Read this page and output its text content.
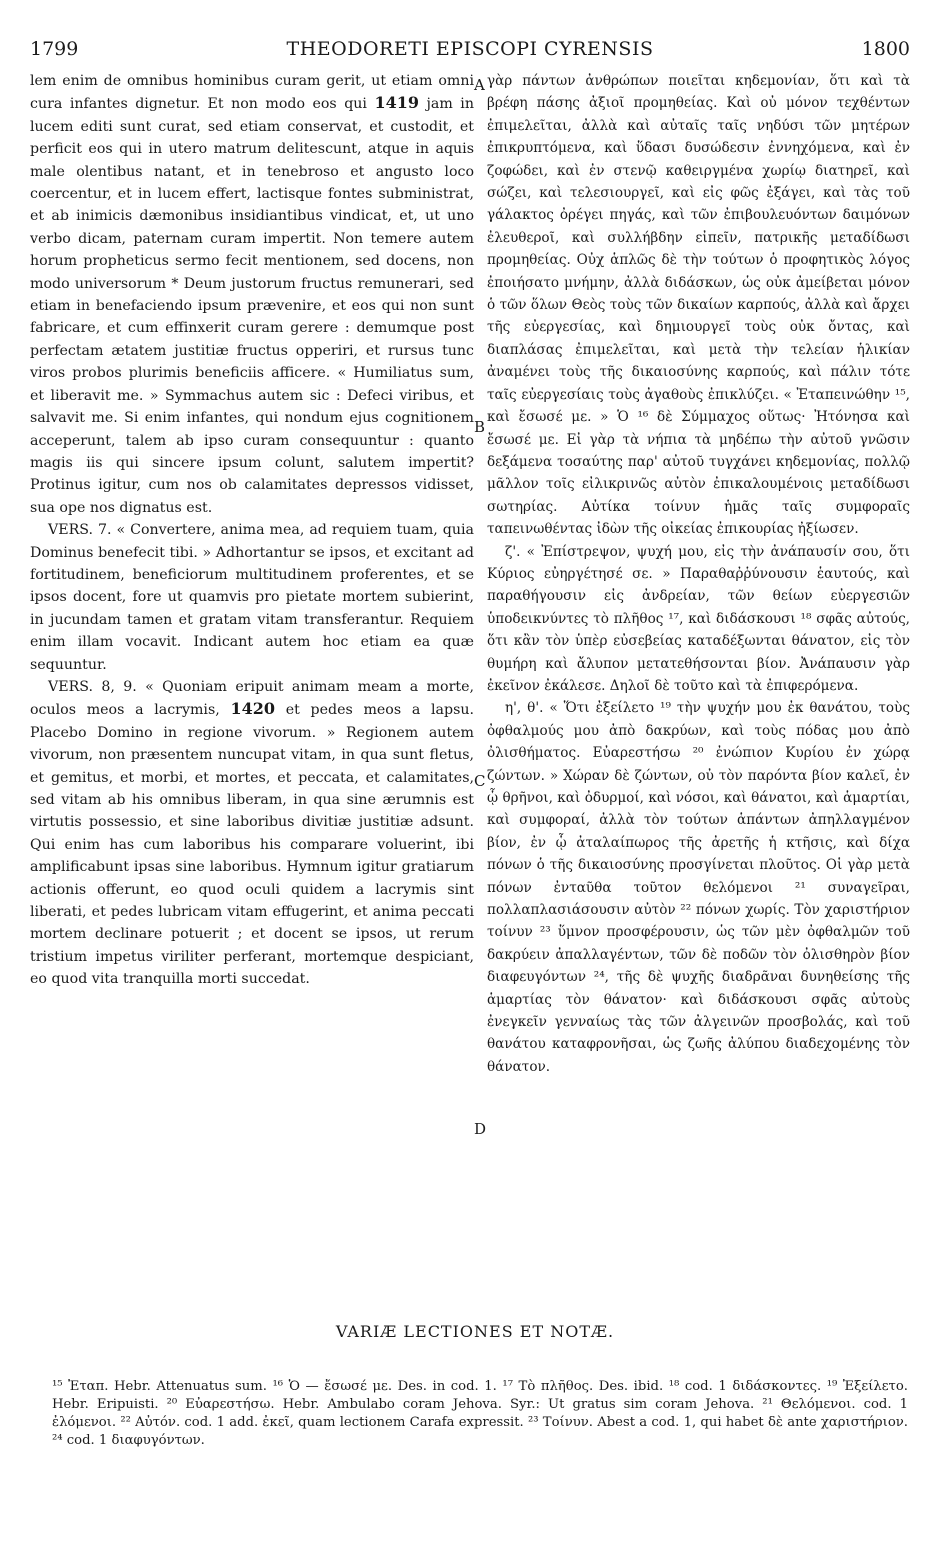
1799	THEODORETI EPISCOPI CYRENSIS	1800

lem enim de omnibus hominibus curam gerit, ut etiam omni cura infantes dignetur. Et non modo eos qui 1419 jam in lucem editi sunt curat, sed etiam conservat, et custodit, et perficit eos qui in utero matrum delitescunt, atque in aquis male olentibus natant, et in tenebroso et angusto loco coercentur, et in lucem effert, lactisque fontes subministrat, et ab inimicis dæmonibus insidiantibus vindicat, et, ut uno verbo dicam, paternam curam impertit. Non temere autem horum propheticus sermo fecit mentionem, sed docens, non modo universorum * Deum justorum fructus remunerari, sed etiam in benefaciendo ipsum prævenire, et eos qui non sunt fabricare, et cum effinxerit curam gerere : demumque post perfectam ætatem justitiæ fructus opperiri, et rursus tunc viros probos plurimis beneficiis afficere. « Humiliatus sum, et liberavit me. » Symmachus autem sic : Defeci viribus, et salvavit me. Si enim infantes, qui nondum ejus cognitionem acceperunt, talem ab ipso curam consequuntur : quanto magis iis qui sincere ipsum colunt, salutem impertit? Protinus igitur, cum nos ob calamitates depressos vidisset, sua ope nos dignatus est.

VERS. 7. « Convertere, anima mea, ad requiem tuam, quia Dominus benefecit tibi. » Adhortantur se ipsos, et excitant ad fortitudinem, beneficiorum multitudinem proferentes, et se ipsos docent, fore ut quamvis pro pietate mortem subierint, in jucundam tamen et gratam vitam transferantur. Requiem enim illam vocavit. Indicant autem hoc etiam ea quæ sequuntur.

VERS. 8, 9. « Quoniam eripuit animam meam a morte, oculos meos a lacrymis, 1420 et pedes meos a lapsu. Placebo Domino in regione vivorum. » Regionem autem vivorum, non præsentem nuncupat vitam, in qua sunt fletus, et gemitus, et morbi, et mortes, et peccata, et calamitates, sed vitam ab his omnibus liberam, in qua sine ærumnis est virtutis possessio, et sine laboribus divitiæ justitiæ adsunt. Qui enim has cum laboribus his comparare voluerint, ibi amplificabunt ipsas sine laboribus. Hymnum igitur gratiarum actionis offerunt, eo quod oculi quidem a lacrymis sint liberati, et pedes lubricam vitam effugerint, et anima peccati mortem declinare potuerit ; et docent se ipsos, ut rerum tristium impetus viriliter perferant, mortemque despiciant, eo quod vita tranquilla morti succedat.

A
B
C
D

γὰρ πάντων ἀνθρώπων ποιεῖται κηδεμονίαν, ὅτι καὶ τὰ βρέφη πάσης ἀξιοῖ προμηθείας. Καὶ οὐ μόνον τεχθέντων ἐπιμελεῖται, ἀλλὰ καὶ αὐταῖς ταῖς νηδύσι τῶν μητέρων ἐπικρυπτόμενα, καὶ ὕδασι δυσώδεσιν ἐννηχόμενα, καὶ ἐν ζοφώδει, καὶ ἐν στενῷ καθειργμένα χωρίῳ διατηρεῖ, καὶ σώζει, καὶ τελεσιουργεῖ, καὶ εἰς φῶς ἐξάγει, καὶ τὰς τοῦ γάλακτος ὀρέγει πηγάς, καὶ τῶν ἐπιβουλευόντων δαιμόνων ἐλευθεροῖ, καὶ συλλήβδην εἰπεῖν, πατρικῆς μεταδίδωσι προμηθείας. Οὐχ ἁπλῶς δὲ τὴν τούτων ὁ προφητικὸς λόγος ἐποιήσατο μνήμην, ἀλλὰ διδάσκων, ὡς οὐκ ἀμείβεται μόνον ὁ τῶν ὅλων Θεὸς τοὺς τῶν δικαίων καρπούς, ἀλλὰ καὶ ἄρχει τῆς εὐεργεσίας, καὶ δημιουργεῖ τοὺς οὐκ ὄντας, καὶ διαπλάσας ἐπιμελεῖται, καὶ μετὰ τὴν τελείαν ἡλικίαν ἀναμένει τοὺς τῆς δικαιοσύνης καρπούς, καὶ πάλιν τότε ταῖς εὐεργεσίαις τοὺς ἀγαθοὺς ἐπικλύζει. « Ἐταπεινώθην ¹⁵, καὶ ἔσωσέ με. » Ὁ ¹⁶ δὲ Σύμμαχος οὕτως· Ἠτόνησα καὶ ἔσωσέ με. Εἰ γὰρ τὰ νήπια τὰ μηδέπω τὴν αὐτοῦ γνῶσιν δεξάμενα τοσαύτης παρ' αὐτοῦ τυγχάνει κηδεμονίας, πολλῷ μᾶλλον τοῖς εἰλικρινῶς αὐτὸν ἐπικαλουμένοις μεταδίδωσι σωτηρίας. Αὐτίκα τοίνυν ἡμᾶς ταῖς συμφοραῖς ταπεινωθέντας ἰδὼν τῆς οἰκείας ἐπικουρίας ἠξίωσεν.

ζ'. « Ἐπίστρεψον, ψυχή μου, εἰς τὴν ἀνάπαυσίν σου, ὅτι Κύριος εὐηργέτησέ σε. » Παραθαῤῥύνουσιν ἑαυτούς, καὶ παραθήγουσιν εἰς ἀνδρείαν, τῶν θείων εὐεργεσιῶν ὑποδεικνύντες τὸ πλῆθος ¹⁷, καὶ διδάσκουσι ¹⁸ σφᾶς αὐτούς, ὅτι κἂν τὸν ὑπὲρ εὐσεβείας καταδέξωνται θάνατον, εἰς τὸν θυμήρη καὶ ἄλυπον μετατεθήσονται βίον. Ἀνάπαυσιν γὰρ ἐκεῖνον ἐκάλεσε. Δηλοῖ δὲ τοῦτο καὶ τὰ ἐπιφερόμενα.

η', θ'. « Ὅτι ἐξείλετο ¹⁹ τὴν ψυχήν μου ἐκ θανάτου, τοὺς ὀφθαλμούς μου ἀπὸ δακρύων, καὶ τοὺς πόδας μου ἀπὸ ὀλισθήματος. Εὐαρεστήσω ²⁰ ἐνώπιον Κυρίου ἐν χώρᾳ ζώντων. » Χώραν δὲ ζώντων, οὐ τὸν παρόντα βίον καλεῖ, ἐν ᾧ θρῆνοι, καὶ ὀδυρμοί, καὶ νόσοι, καὶ θάνατοι, καὶ ἁμαρτίαι, καὶ συμφοραί, ἀλλὰ τὸν τούτων ἁπάντων ἀπηλλαγμένον βίον, ἐν ᾧ ἀταλαίπωρος τῆς ἀρετῆς ἡ κτῆσις, καὶ δίχα πόνων ὁ τῆς δικαιοσύνης προσγίνεται πλοῦτος. Οἱ γὰρ μετὰ πόνων ἐνταῦθα τοῦτον θελόμενοι ²¹ συναγεῖραι, πολλαπλασιάσουσιν αὐτὸν ²² πόνων χωρίς. Τὸν χαριστήριον τοίνυν ²³ ὕμνον προσφέρουσιν, ὡς τῶν μὲν ὀφθαλμῶν τοῦ δακρύειν ἀπαλλαγέντων, τῶν δὲ ποδῶν τὸν ὀλισθηρὸν βίον διαφευγόντων ²⁴, τῆς δὲ ψυχῆς διαδρᾶναι δυνηθείσης τῆς ἁμαρτίας τὸν θάνατον· καὶ διδάσκουσι σφᾶς αὐτοὺς ἐνεγκεῖν γενναίως τὰς τῶν ἀλγεινῶν προσβολάς, καὶ τοῦ θανάτου καταφρονῆσαι, ὡς ζωῆς ἀλύπου διαδεχομένης τὸν θάνατον.

VARIÆ LECTIONES ET NOTÆ.
¹⁵ Ἐταπ. Hebr. Attenuatus sum. ¹⁶ Ὁ — ἔσωσέ με. Des. in cod. 1. ¹⁷ Τὸ πλῆθος. Des. ibid. ¹⁸ cod. 1 διδάσκοντες. ¹⁹ Ἐξείλετο. Hebr. Eripuisti. ²⁰ Εὐαρεστήσω. Hebr. Ambulabo coram Jehova. Syr.: Ut gratus sim coram Jehova. ²¹ Θελόμενοι. cod. 1 ἐλόμενοι. ²² Αὐτόν. cod. 1 add. ἐκεῖ, quam lectionem Carafa expressit. ²³ Τοίνυν. Abest a cod. 1, qui habet δὲ ante χαριστήριον. ²⁴ cod. 1 διαφυγόντων.
